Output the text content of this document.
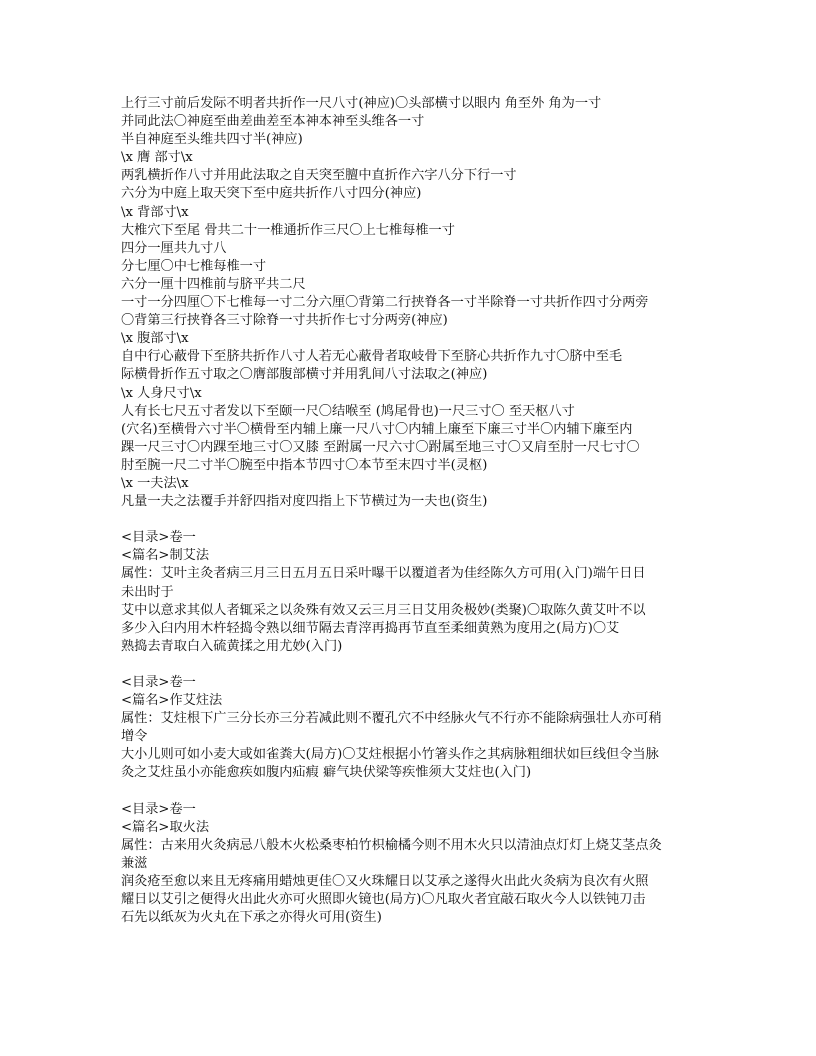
上行三寸前后发际不明者共折作一尺八寸(神应)〇头部横寸以眼内 角至外 角为一寸
并同此法〇神庭至曲差曲差至本神本神至头维各一寸
半自神庭至头维共四寸半(神应)
\x 膺 部寸\x
两乳横折作八寸并用此法取之自天突至膻中直折作六字八分下行一寸
六分为中庭上取天突下至中庭共折作八寸四分(神应)
\x 背部寸\x
大椎穴下至尾 骨共二十一椎通折作三尺〇上七椎每椎一寸
四分一厘共九寸八
分七厘〇中七椎每椎一寸
六分一厘十四椎前与脐平共二尺
一寸一分四厘〇下七椎每一寸二分六厘〇背第二行挟脊各一寸半除脊一寸共折作四寸分两旁
〇背第三行挟脊各三寸除脊一寸共折作七寸分两旁(神应)
\x 腹部寸\x
自中行心蔽骨下至脐共折作八寸人若无心蔽骨者取岐骨下至脐心共折作九寸〇脐中至毛
际横骨折作五寸取之〇膺部腹部横寸并用乳间八寸法取之(神应)
\x 人身尺寸\x
人有长七尺五寸者发以下至颐一尺〇结喉至 (鸠尾骨也)一尺三寸〇 至天枢八寸
(穴名)至横骨六寸半〇横骨至内辅上廉一尺八寸〇内辅上廉至下廉三寸半〇内辅下廉至内
踝一尺三寸〇内踝至地三寸〇又膝 至跗属一尺六寸〇跗属至地三寸〇又肩至肘一尺七寸〇
肘至腕一尺二寸半〇腕至中指本节四寸〇本节至末四寸半(灵枢)
\x 一夫法\x
凡量一夫之法覆手并舒四指对度四指上下节横过为一夫也(资生)
<目录>卷一
<篇名>制艾法
属性：艾叶主灸者病三月三日五月五日采叶曝干以覆道者为佳经陈久方可用(入门)端午日日
未出时于
艾中以意求其似人者辄采之以灸殊有效又云三月三日艾用灸极妙(类聚)〇取陈久黄艾叶不以
多少入臼内用木杵轻捣令熟以细节隔去青滓再捣再节直至柔细黄熟为度用之(局方)〇艾
熟捣去青取白入硫黄揉之用尤妙(入门)
<目录>卷一
<篇名>作艾炷法
属性：艾炷根下广三分长亦三分若减此则不覆孔穴不中经脉火气不行亦不能除病强壮人亦可稍
增令
大小儿则可如小麦大或如雀粪大(局方)〇艾炷根据小竹箸头作之其病脉粗细状如巨线但令当脉
灸之艾炷虽小亦能愈疾如腹内疝瘕 癖气块伏梁等疾惟须大艾炷也(入门)
<目录>卷一
<篇名>取火法
属性：古来用火灸病忌八般木火松桑枣柏竹枳榆橘今则不用木火只以清油点灯灯上烧艾茎点灸
兼滋
润灸疮至愈以来且无疼痛用蜡烛更佳〇又火珠耀日以艾承之遂得火出此火灸病为良次有火照
耀日以艾引之便得火出此火亦可火照即火镜也(局方)〇凡取火者宜敲石取火今人以铁钝刀击
石先以纸灰为火丸在下承之亦得火可用(资生)
